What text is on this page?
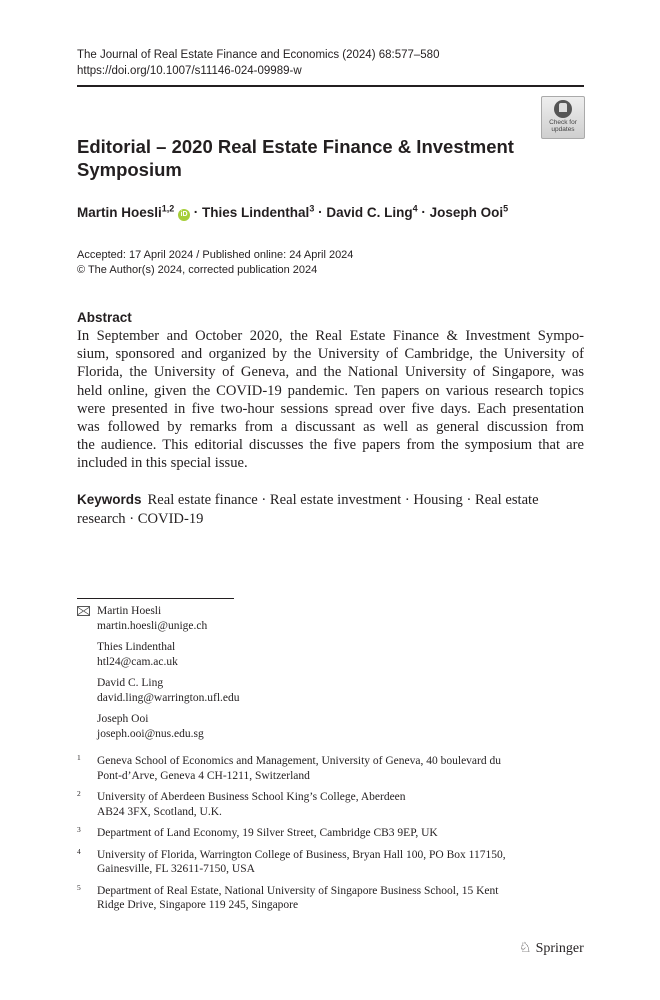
The Journal of Real Estate Finance and Economics (2024) 68:577–580
https://doi.org/10.1007/s11146-024-09989-w
Check for
updates
Editorial – 2020 Real Estate Finance & Investment Symposium
Martin Hoesli$^{1,2}$ iD · Thies Lindenthal$^3$ · David C. Ling$^4$ · Joseph Ooi$^5$
Accepted: 17 April 2024 / Published online: 24 April 2024
© The Author(s) 2024, corrected publication 2024
Abstract
In September and October 2020, the Real Estate Finance & Investment Sympo-
sium, sponsored and organized by the University of Cambridge, the University of
Florida, the University of Geneva, and the National University of Singapore, was
held online, given the COVID-19 pandemic. Ten papers on various research topics
were presented in five two-hour sessions spread over five days. Each presentation
was followed by remarks from a discussant as well as general discussion from
the audience. This editorial discusses the five papers from the symposium that are
included in this special issue.
Keywords Real estate finance · Real estate investment · Housing · Real estate
research · COVID-19
Martin Hoesli
martin.hoesli@unige.ch
Thies Lindenthal
htl24@cam.ac.uk
David C. Ling
david.ling@warrington.ufl.edu
Joseph Ooi
joseph.ooi@nus.edu.sg
1 Geneva School of Economics and Management, University of Geneva, 40 boulevard du
Pont-d’Arve, Geneva 4 CH-1211, Switzerland
2 University of Aberdeen Business School King’s College, Aberdeen
AB24 3FX, Scotland, U.K.
3 Department of Land Economy, 19 Silver Street, Cambridge CB3 9EP, UK
4 University of Florida, Warrington College of Business, Bryan Hall 100, PO Box 117150,
Gainesville, FL 32611-7150, USA
5 Department of Real Estate, National University of Singapore Business School, 15 Kent
Ridge Drive, Singapore 119 245, Singapore
♘ Springer
